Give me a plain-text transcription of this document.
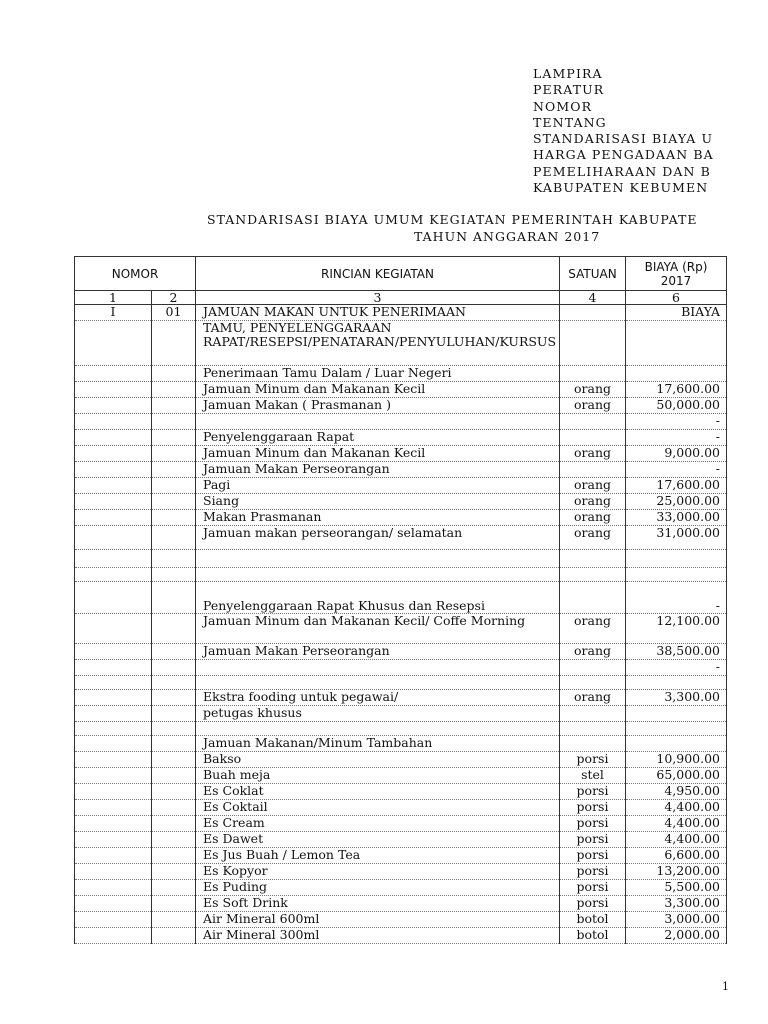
LAMPIRA
PERATUR
NOMOR
TENTANG
STANDARISASI BIAYA U
HARGA PENGADAAN BA
PEMELIHARAAN DAN B
KABUPATEN KEBUMEN
STANDARISASI BIAYA UMUM KEGIATAN PEMERINTAH KABUPATE
TAHUN ANGGARAN 2017
NOMOR		RINCIAN KEGIATAN	SATUAN	BIAYA (Rp) 2017
1	2	3	4	6
I	01	JAMUAN MAKAN UNTUK PENERIMAAN		BIAYA
		TAMU, PENYELENGGARAAN RAPAT/RESEPSI/PENATARAN/PENYULUHAN/KURSUS		
		Penerimaan Tamu Dalam / Luar Negeri		
		Jamuan Minum dan Makanan Kecil	orang	17,600.00
		Jamuan Makan ( Prasmanan )	orang	50,000.00
				-
		Penyelenggaraan Rapat		-
		Jamuan Minum dan Makanan Kecil	orang	9,000.00
		Jamuan Makan Perseorangan		-
		Pagi	orang	17,600.00
		Siang	orang	25,000.00
		Makan Prasmanan	orang	33,000.00
		Jamuan makan perseorangan/ selamatan	orang	31,000.00

		Penyelenggaraan Rapat Khusus dan Resepsi		-
		Jamuan Minum dan Makanan Kecil/ Coffe Morning	orang	12,100.00
		Jamuan Makan Perseorangan	orang	38,500.00
				-

		Ekstra fooding untuk pegawai/	orang	3,300.00
		petugas khusus		

		Jamuan Makanan/Minum Tambahan		
		Bakso	porsi	10,900.00
		Buah meja	stel	65,000.00
		Es Coklat	porsi	4,950.00
		Es Coktail	porsi	4,400.00
		Es Cream	porsi	4,400.00
		Es Dawet	porsi	4,400.00
		Es Jus Buah / Lemon Tea	porsi	6,600.00
		Es Kopyor	porsi	13,200.00
		Es Puding	porsi	5,500.00
		Es Soft Drink	porsi	3,300.00
		Air Mineral 600ml	botol	3,000.00
		Air Mineral 300ml	botol	2,000.00
1
